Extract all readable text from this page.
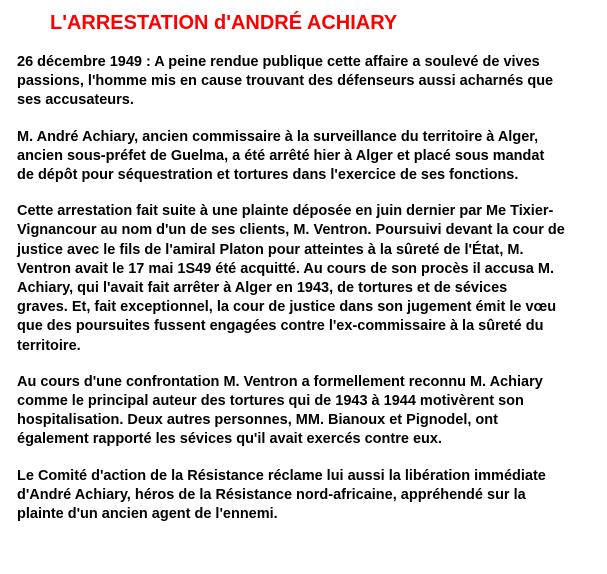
L'ARRESTATION d'ANDRÉ ACHIARY

26 décembre 1949 : A peine rendue publique cette affaire a soulevé de vives
passions, l'homme mis en cause trouvant des défenseurs aussi acharnés que
ses accusateurs.

M. André Achiary, ancien commissaire à la surveillance du territoire à Alger,
ancien sous-préfet de Guelma, a été arrêté hier à Alger et placé sous mandat
de dépôt pour séquestration et tortures dans l'exercice de ses fonctions.

Cette arrestation fait suite à une plainte déposée en juin dernier par Me Tixier-
Vignancour au nom d'un de ses clients, M. Ventron. Poursuivi devant la cour de
justice avec le fils de l'amiral Platon pour atteintes à la sûreté de l'État, M.
Ventron avait le 17 mai 1S49 été acquitté. Au cours de son procès il accusa M.
Achiary, qui l'avait fait arrêter à Alger en 1943, de tortures et de sévices
graves. Et, fait exceptionnel, la cour de justice dans son jugement émit le vœu
que des poursuites fussent engagées contre l'ex-commissaire à la sûreté du
territoire.

Au cours d'une confrontation M. Ventron a formellement reconnu M. Achiary
comme le principal auteur des tortures qui de 1943 à 1944 motivèrent son
hospitalisation. Deux autres personnes, MM. Bianoux et Pignodel, ont
également rapporté les sévices qu'il avait exercés contre eux.

Le Comité d'action de la Résistance réclame lui aussi la libération immédiate
d'André Achiary, héros de la Résistance nord-africaine, appréhendé sur la
plainte d'un ancien agent de l'ennemi.
